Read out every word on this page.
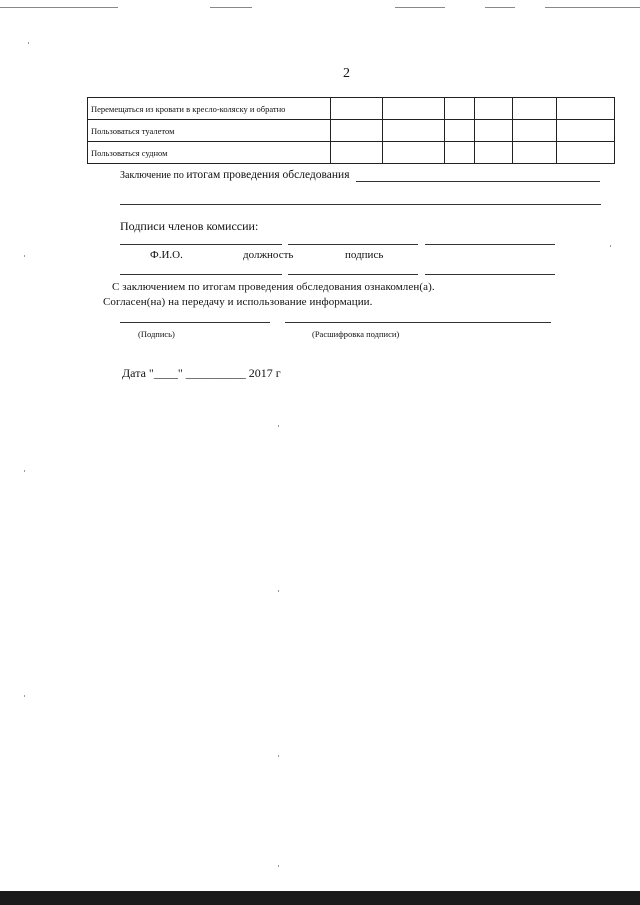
2
Перемещаться из кровати в кресло-коляску и обратно						
Пользоваться туалетом						
Пользоваться судном						
Заключение по итогам проведения обследования
Подписи членов комиссии:
Ф.И.О.	должность	подпись
С заключением по итогам проведения обследования ознакомлен(а).
Согласен(на) на передачу и использование информации.
(Подпись)	(Расшифровка подписи)
Дата "____" __________ 2017 г
